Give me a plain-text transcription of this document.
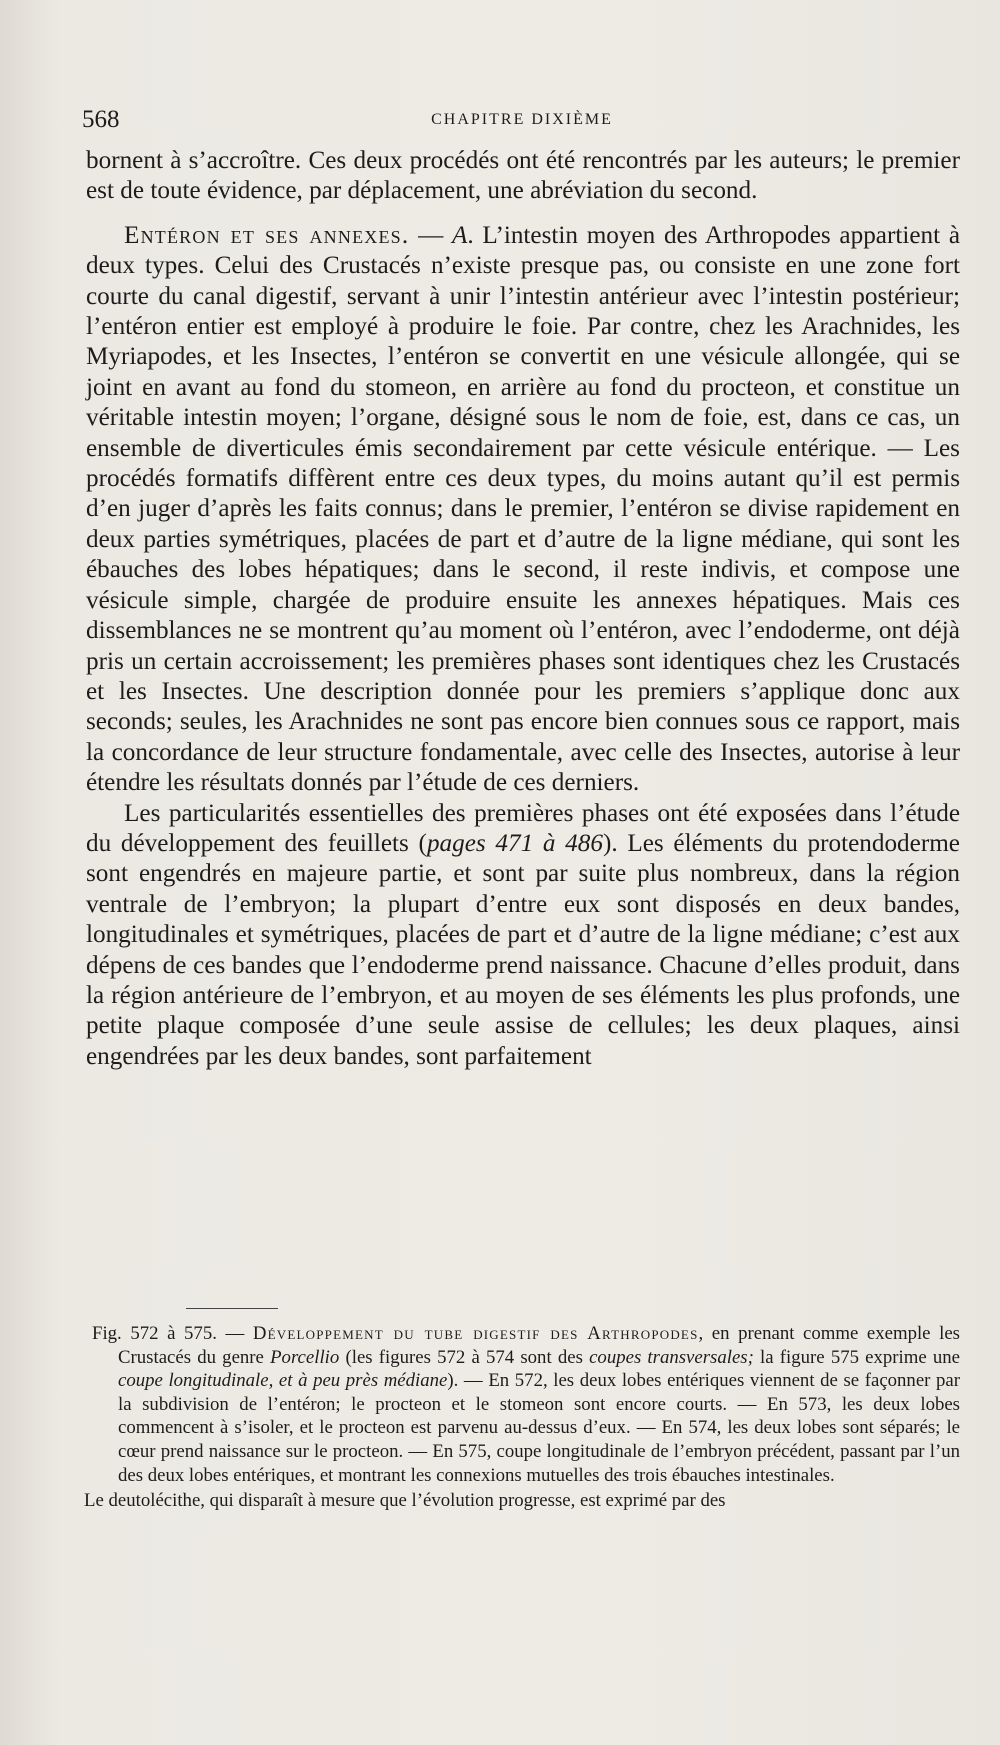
568	CHAPITRE DIXIÈME

bornent à s’accroître. Ces deux procédés ont été rencontrés par les auteurs; le premier est de toute évidence, par déplacement, une abréviation du second.

Entéron et ses annexes. — A. L’intestin moyen des Arthropodes appartient à deux types. Celui des Crustacés n’existe presque pas, ou consiste en une zone fort courte du canal digestif, servant à unir l’intestin antérieur avec l’intestin postérieur; l’entéron entier est employé à produire le foie. Par contre, chez les Arachnides, les Myriapodes, et les Insectes, l’entéron se convertit en une vésicule allongée, qui se joint en avant au fond du stomeon, en arrière au fond du procteon, et constitue un véritable intestin moyen; l’organe, désigné sous le nom de foie, est, dans ce cas, un ensemble de diverticules émis secondairement par cette vésicule entérique. — Les procédés formatifs diffèrent entre ces deux types, du moins autant qu’il est permis d’en juger d’après les faits connus; dans le premier, l’entéron se divise rapidement en deux parties symétriques, placées de part et d’autre de la ligne médiane, qui sont les ébauches des lobes hépatiques; dans le second, il reste indivis, et compose une vésicule simple, chargée de produire ensuite les annexes hépatiques. Mais ces dissemblances ne se montrent qu’au moment où l’entéron, avec l’endoderme, ont déjà pris un certain accroissement; les premières phases sont identiques chez les Crustacés et les Insectes. Une description donnée pour les premiers s’applique donc aux seconds; seules, les Arachnides ne sont pas encore bien connues sous ce rapport, mais la concordance de leur structure fondamentale, avec celle des Insectes, autorise à leur étendre les résultats donnés par l’étude de ces derniers.

Les particularités essentielles des premières phases ont été exposées dans l’étude du développement des feuillets (pages 471 à 486). Les éléments du protendoderme sont engendrés en majeure partie, et sont par suite plus nombreux, dans la région ventrale de l’embryon; la plupart d’entre eux sont disposés en deux bandes, longitudinales et symétriques, placées de part et d’autre de la ligne médiane; c’est aux dépens de ces bandes que l’endoderme prend naissance. Chacune d’elles produit, dans la région antérieure de l’embryon, et au moyen de ses éléments les plus profonds, une petite plaque composée d’une seule assise de cellules; les deux plaques, ainsi engendrées par les deux bandes, sont parfaitement

Fig. 572 à 575. — Développement du tube digestif des Arthropodes, en prenant comme exemple les Crustacés du genre Porcellio (les figures 572 à 574 sont des coupes transversales; la figure 575 exprime une coupe longitudinale, et à peu près médiane). — En 572, les deux lobes entériques viennent de se façonner par la subdivision de l’entéron; le procteon et le stomeon sont encore courts. — En 573, les deux lobes commencent à s’isoler, et le procteon est parvenu au-dessus d’eux. — En 574, les deux lobes sont séparés; le cœur prend naissance sur le procteon. — En 575, coupe longitudinale de l’embryon précédent, passant par l’un des deux lobes entériques, et montrant les connexions mutuelles des trois ébauches intestinales.

Le deutolécithe, qui disparaît à mesure que l’évolution progresse, est exprimé par des
